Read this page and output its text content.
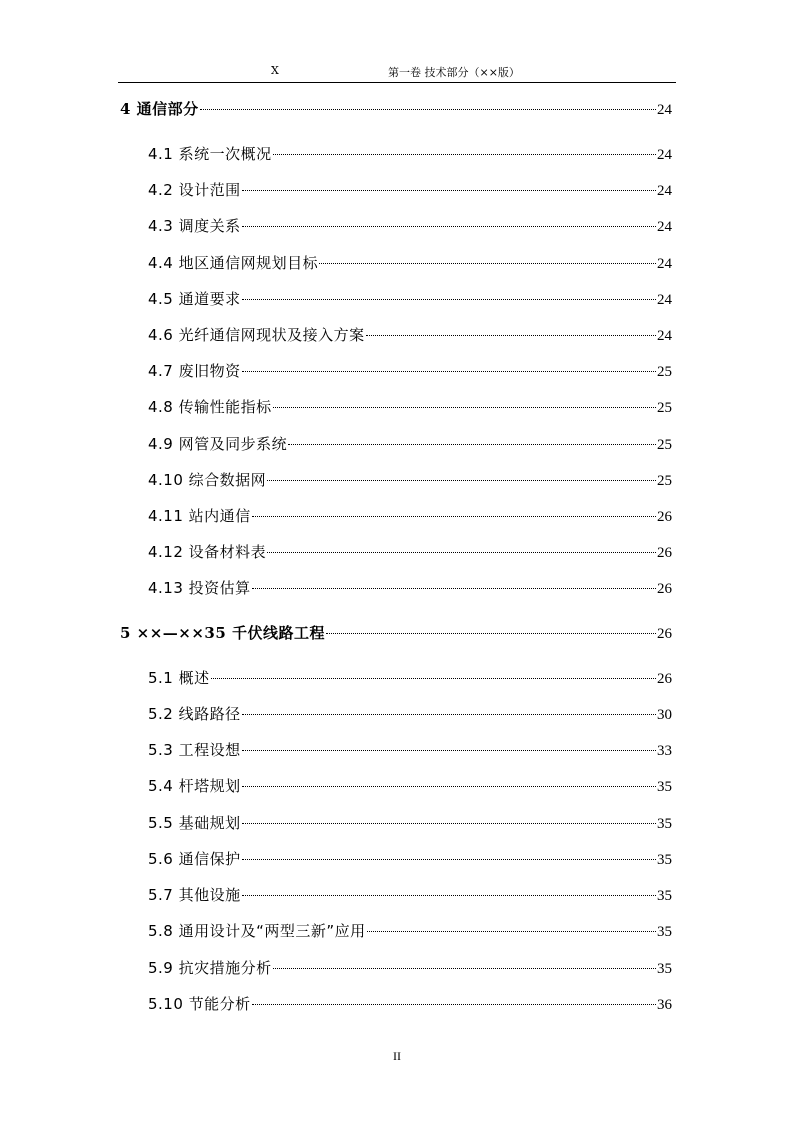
X	第一卷 技术部分（××版）
4 通信部分	24
4.1 系统一次概况	24
4.2 设计范围	24
4.3 调度关系	24
4.4 地区通信网规划目标	24
4.5 通道要求	24
4.6 光纤通信网现状及接入方案	24
4.7 废旧物资	25
4.8 传输性能指标	25
4.9 网管及同步系统	25
4.10 综合数据网	25
4.11 站内通信	26
4.12 设备材料表	26
4.13 投资估算	26
5 ××—××35 千伏线路工程	26
5.1 概述	26
5.2 线路路径	30
5.3 工程设想	33
5.4 杆塔规划	35
5.5 基础规划	35
5.6 通信保护	35
5.7 其他设施	35
5.8 通用设计及“两型三新”应用	35
5.9 抗灾措施分析	35
5.10 节能分析	36
II
